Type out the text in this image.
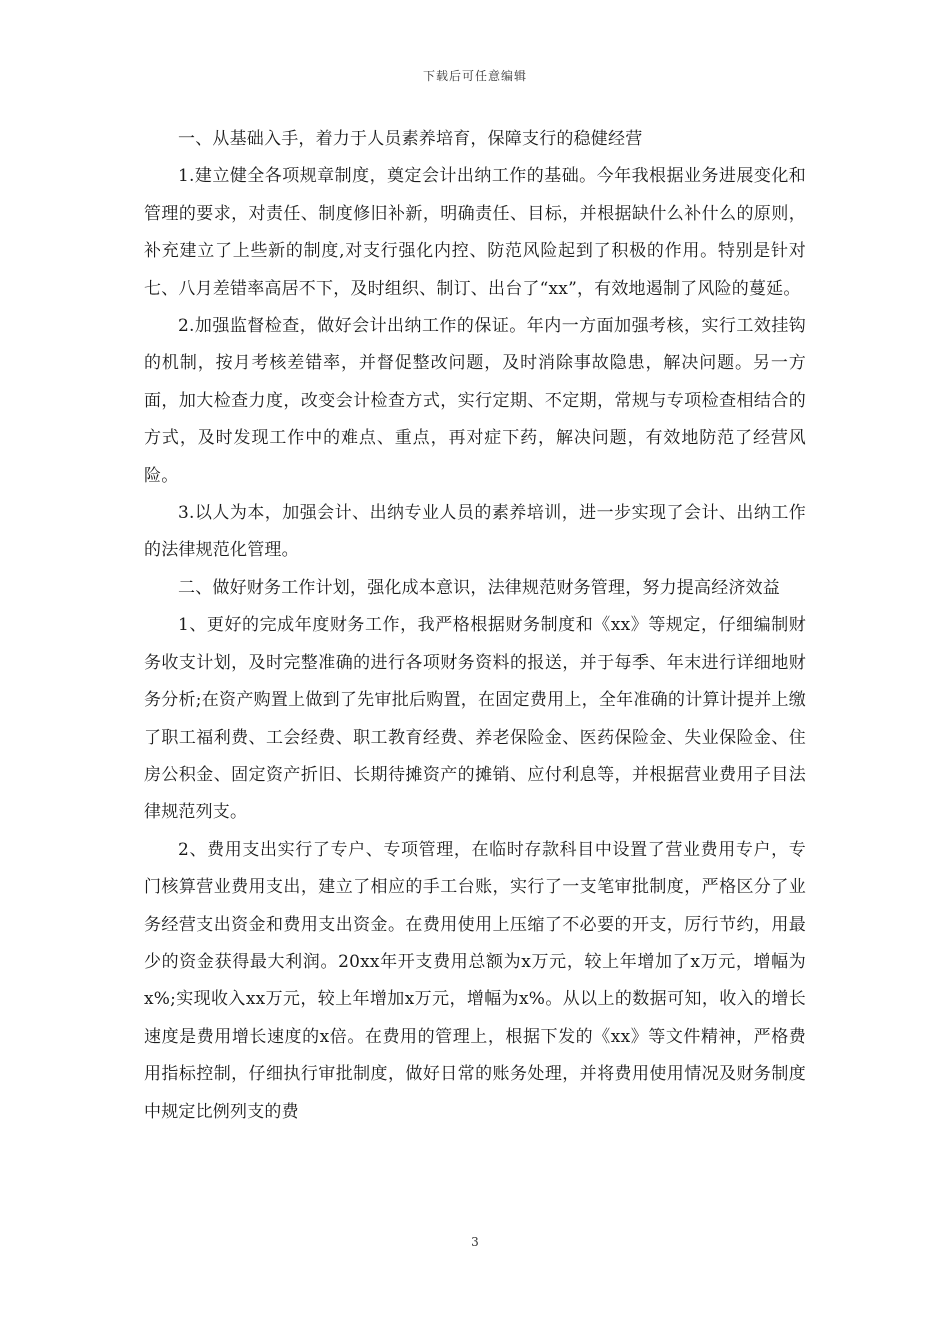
下载后可任意编辑

一、从基础入手，着力于人员素养培育，保障支行的稳健经营

1.建立健全各项规章制度，奠定会计出纳工作的基础。今年我根据业务进展变化和管理的要求，对责任、制度修旧补新，明确责任、目标，并根据缺什么补什么的原则，补充建立了上些新的制度,对支行强化内控、防范风险起到了积极的作用。特别是针对七、八月差错率高居不下，及时组织、制订、出台了“xx”，有效地遏制了风险的蔓延。

2.加强监督检查，做好会计出纳工作的保证。年内一方面加强考核，实行工效挂钩的机制，按月考核差错率，并督促整改问题，及时消除事故隐患，解决问题。另一方面，加大检查力度，改变会计检查方式，实行定期、不定期，常规与专项检查相结合的方式，及时发现工作中的难点、重点，再对症下药，解决问题，有效地防范了经营风险。

3.以人为本，加强会计、出纳专业人员的素养培训，进一步实现了会计、出纳工作的法律规范化管理。

二、做好财务工作计划，强化成本意识，法律规范财务管理，努力提高经济效益

1、更好的完成年度财务工作，我严格根据财务制度和《xx》等规定，仔细编制财务收支计划，及时完整准确的进行各项财务资料的报送，并于每季、年末进行详细地财务分析;在资产购置上做到了先审批后购置，在固定费用上，全年准确的计算计提并上缴了职工福利费、工会经费、职工教育经费、养老保险金、医药保险金、失业保险金、住房公积金、固定资产折旧、长期待摊资产的摊销、应付利息等，并根据营业费用子目法律规范列支。

2、费用支出实行了专户、专项管理，在临时存款科目中设置了营业费用专户，专门核算营业费用支出，建立了相应的手工台账，实行了一支笔审批制度，严格区分了业务经营支出资金和费用支出资金。在费用使用上压缩了不必要的开支，厉行节约，用最少的资金获得最大利润。20xx年开支费用总额为x万元，较上年增加了x万元，增幅为x%;实现收入xx万元，较上年增加x万元，增幅为x%。从以上的数据可知，收入的增长速度是费用增长速度的x倍。在费用的管理上，根据下发的《xx》等文件精神，严格费用指标控制，仔细执行审批制度，做好日常的账务处理，并将费用使用情况及财务制度中规定比例列支的费

3
